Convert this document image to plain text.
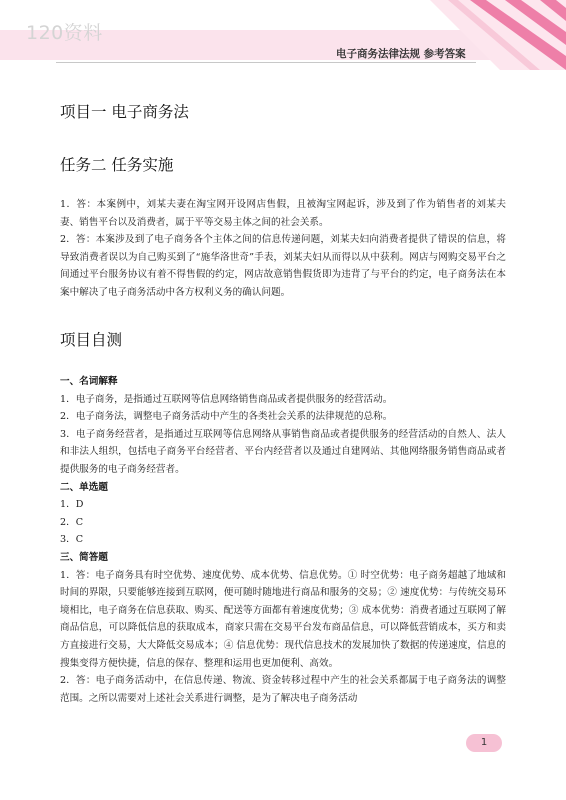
120资料
电子商务法律法规 参考答案
项目一 电子商务法
任务二 任务实施

1．答：本案例中，刘某夫妻在淘宝网开设网店售假，且被淘宝网起诉，涉及到了作为销售者的刘某夫妻、销售平台以及消费者，属于平等交易主体之间的社会关系。

2．答：本案涉及到了电子商务各个主体之间的信息传递问题，刘某夫妇向消费者提供了错误的信息，将导致消费者误以为自己购买到了“施华洛世奇”手表，刘某夫妇从而得以从中获利。网店与网购交易平台之间通过平台服务协议有着不得售假的约定，网店故意销售假货即为违背了与平台的约定，电子商务法在本案中解决了电子商务活动中各方权利义务的确认问题。

项目自测

一、名词解释

1．电子商务，是指通过互联网等信息网络销售商品或者提供服务的经营活动。

2．电子商务法，调整电子商务活动中产生的各类社会关系的法律规范的总称。

3．电子商务经营者，是指通过互联网等信息网络从事销售商品或者提供服务的经营活动的自然人、法人和非法人组织，包括电子商务平台经营者、平台内经营者以及通过自建网站、其他网络服务销售商品或者提供服务的电子商务经营者。

二、单选题

1．D

2．C

3．C

三、简答题

1．答：电子商务具有时空优势、速度优势、成本优势、信息优势。① 时空优势：电子商务超越了地域和时间的界限，只要能够连接到互联网，便可随时随地进行商品和服务的交易；② 速度优势：与传统交易环境相比，电子商务在信息获取、购买、配送等方面都有着速度优势；③ 成本优势：消费者通过互联网了解商品信息，可以降低信息的获取成本，商家只需在交易平台发布商品信息，可以降低营销成本，买方和卖方直接进行交易，大大降低交易成本；④ 信息优势：现代信息技术的发展加快了数据的传递速度，信息的搜集变得方便快捷，信息的保存、整理和运用也更加便利、高效。

2．答：电子商务活动中，在信息传递、物流、资金转移过程中产生的社会关系都属于电子商务法的调整范围。之所以需要对上述社会关系进行调整，是为了解决电子商务活动

1
